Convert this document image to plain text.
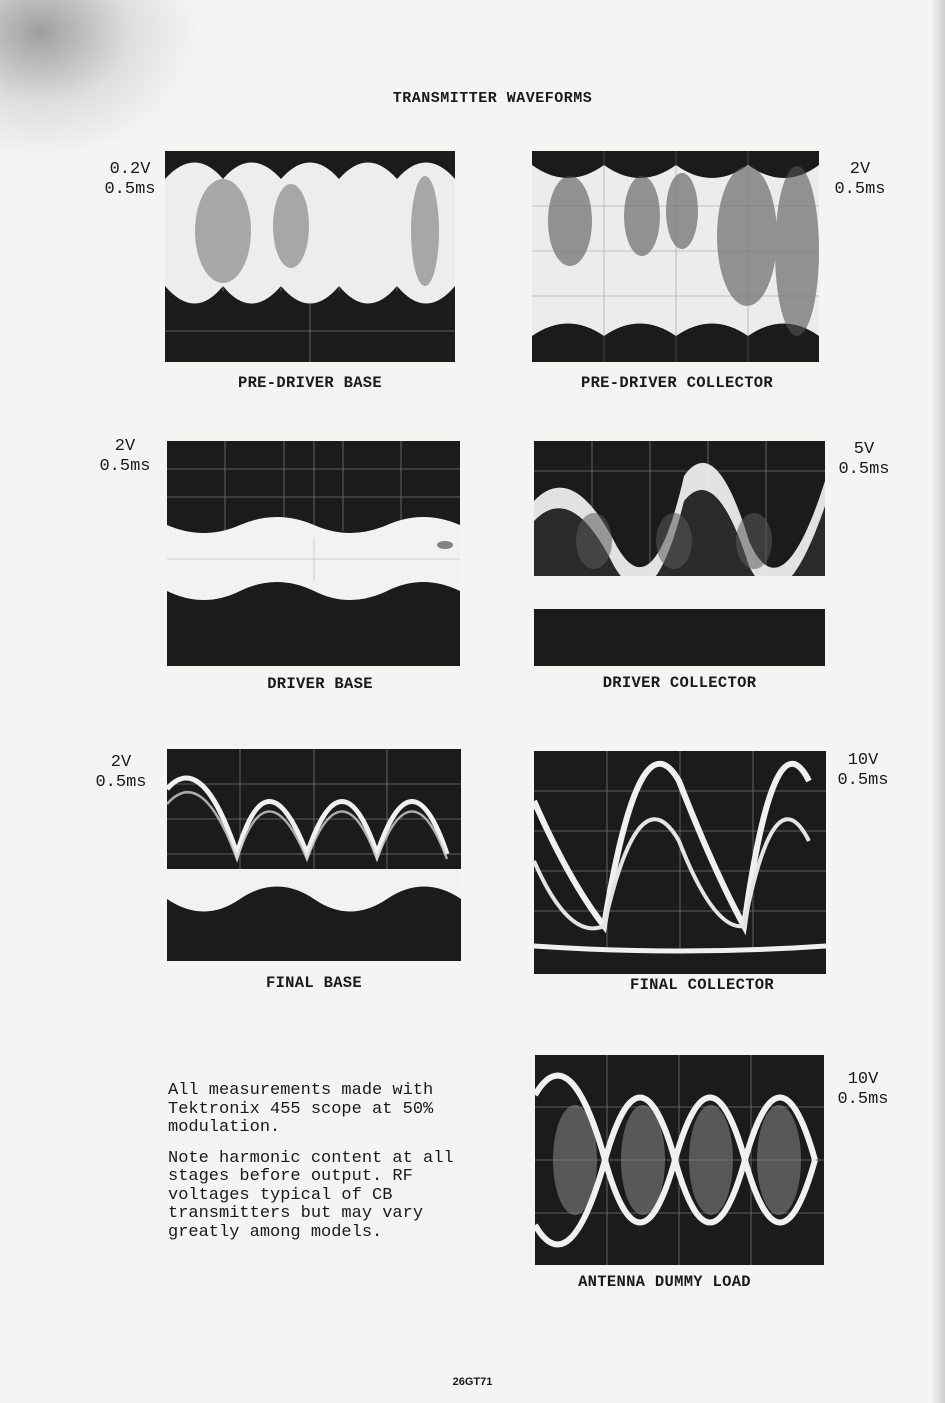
TRANSMITTER WAVEFORMS
0.2V
0.5ms
2V
0.5ms
2V
0.5ms
5V
0.5ms
2V
0.5ms
10V
0.5ms
10V
0.5ms
PRE-DRIVER BASE	PRE-DRIVER COLLECTOR
DRIVER BASE	DRIVER COLLECTOR
FINAL BASE	FINAL COLLECTOR
ANTENNA DUMMY LOAD

All measurements made with Tektronix 455 scope at 50% modulation.

Note harmonic content at all stages before output. RF voltages typical of CB transmitters but may vary greatly among models.

26GT71
